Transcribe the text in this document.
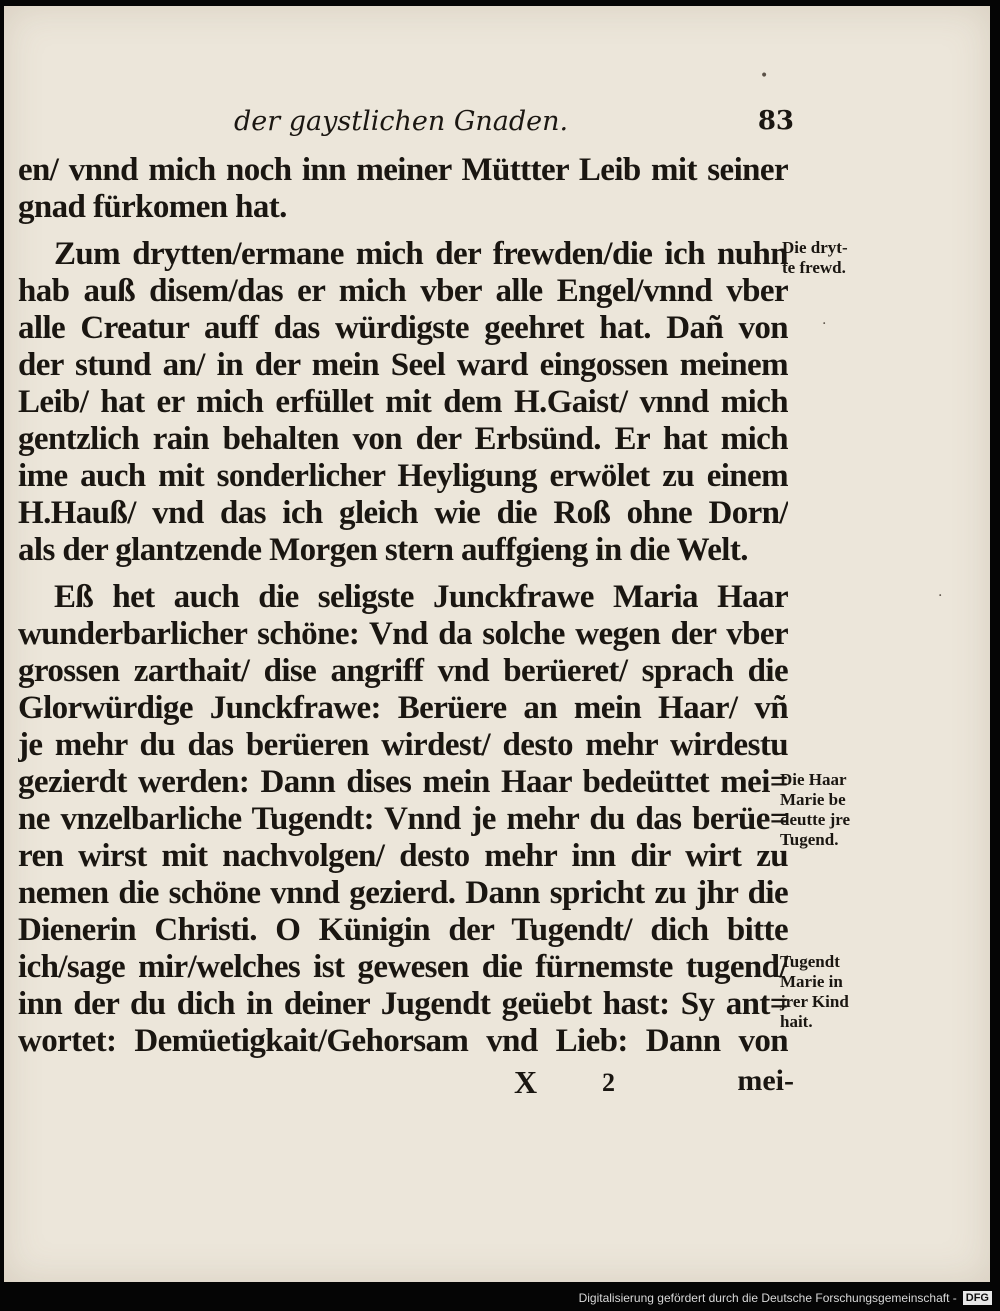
der gaystlichen Gnaden.	83
en/ vnnd mich noch inn meiner Müttter Leib mit seiner
gnad fürkomen hat.
Zum drytten/ermane mich der frewden/die ich nuhn
hab auß disem/das er mich vber alle Engel/vnnd vber
alle Creatur auff das würdigste geehret hat. Dañ von
der stund an/ in der mein Seel ward eingossen meinem
Leib/ hat er mich erfüllet mit dem H.Gaist/ vnnd mich
gentzlich rain behalten von der Erbsünd. Er hat mich
ime auch mit sonderlicher Heyligung erwölet zu einem
H.Hauß/ vnd das ich gleich wie die Roß ohne Dorn/
als der glantzende Morgen stern auffgieng in die Welt.
Eß het auch die seligste Junckfrawe Maria Haar
wunderbarlicher schöne: Vnd da solche wegen der vber
grossen zarthait/ dise angriff vnd berüeret/ sprach die
Glorwürdige Junckfrawe: Berüere an mein Haar/ vñ
je mehr du das berüeren wirdest/ desto mehr wirdestu
gezierdt werden: Dann dises mein Haar bedeüttet mei=
ne vnzelbarliche Tugendt: Vnnd je mehr du das berüe=
ren wirst mit nachvolgen/ desto mehr inn dir wirt zu
nemen die schöne vnnd gezierd. Dann spricht zu jhr die
Dienerin Christi. O Künigin der Tugendt/ dich bitte
ich/sage mir/welches ist gewesen die fürnemste tugend/
inn der du dich in deiner Jugendt geüebt hast: Sy ant=
wortet: Demüetigkait/Gehorsam vnd Lieb: Dann von
Die dryt-
te frewd.
Die Haar
Marie be
deutte jre
Tugend.
Tugendt
Marie in
jrer Kind
hait.
X 2	mei-
•
·
·
Digitalisierung gefördert durch die Deutsche Forschungsgemeinschaft - DFG
